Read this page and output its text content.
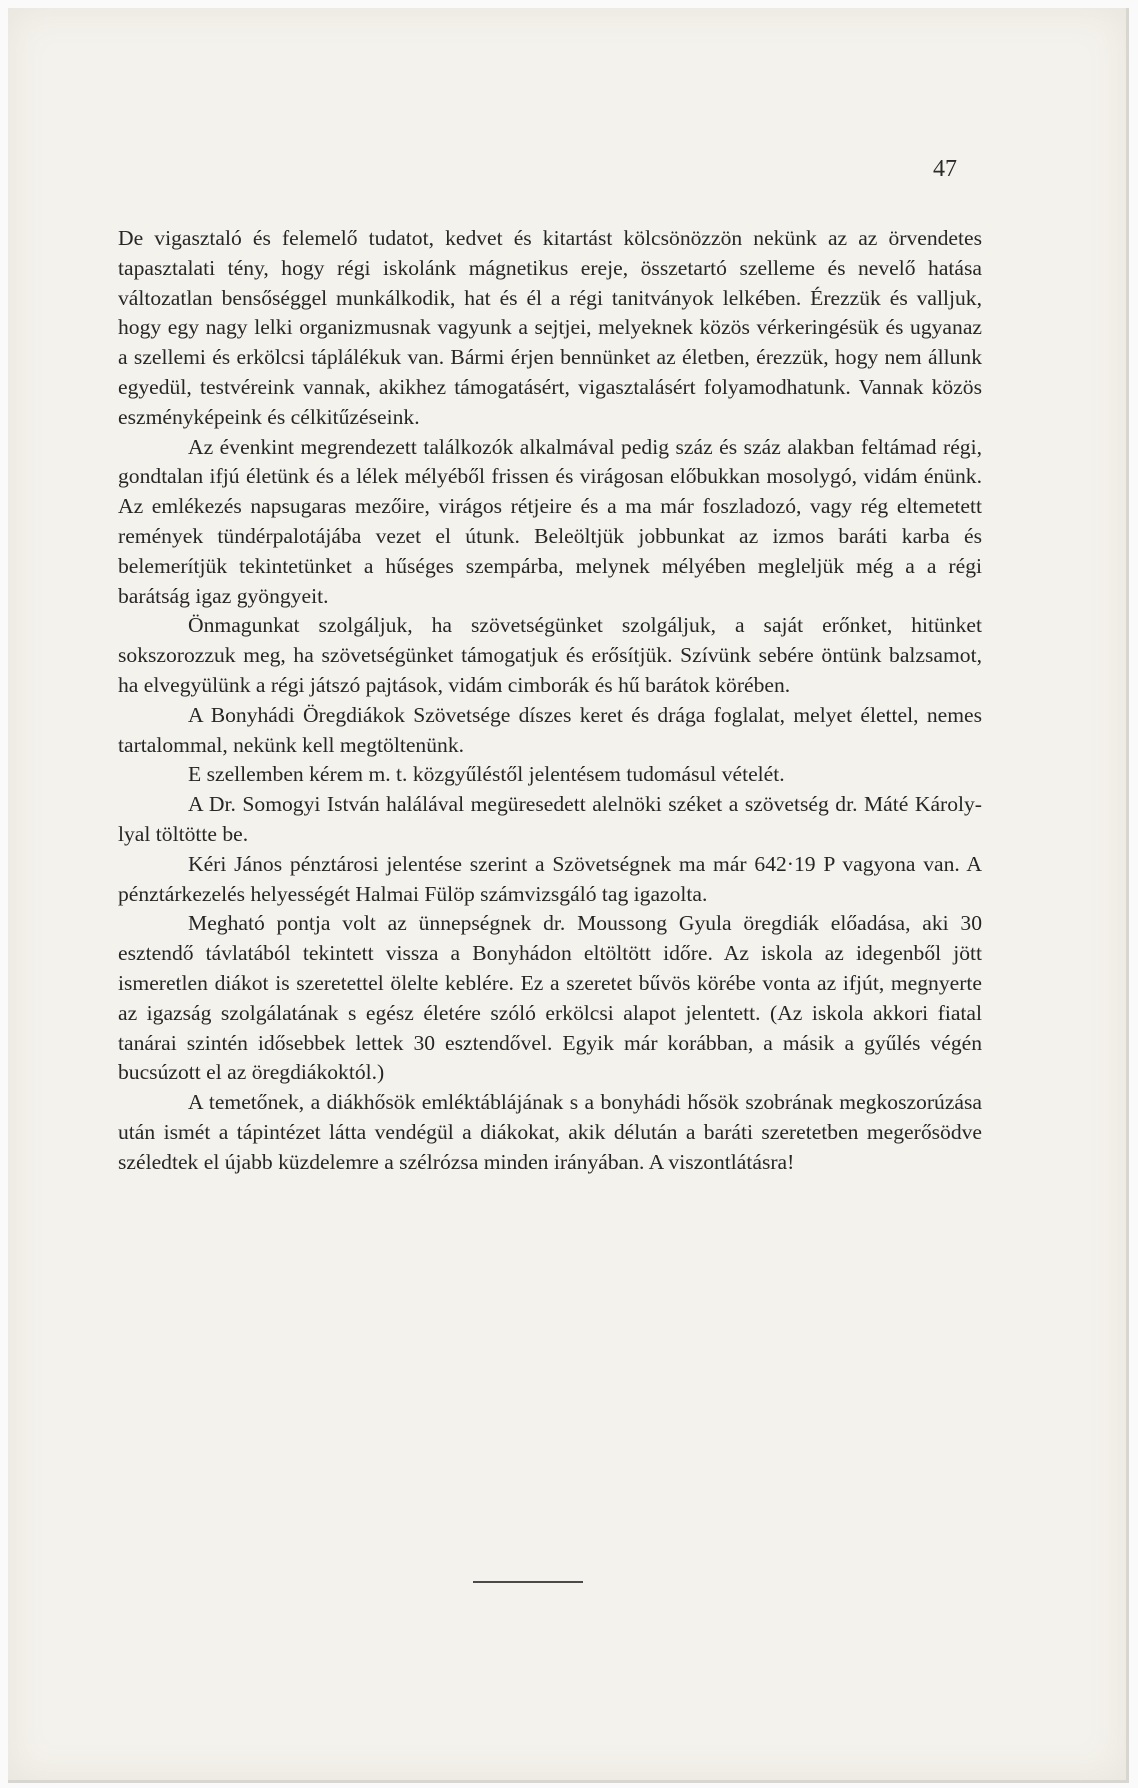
47

De vigasztaló és felemelő tudatot, kedvet és kitartást kölcsönözzön nekünk az az örvendetes tapasztalati tény, hogy régi iskolánk mágnetikus ereje, összetartó szelleme és nevelő hatása változatlan bensőséggel munkálkodik, hat és él a régi tanitványok lelkében. Érezzük és valljuk, hogy egy nagy lelki organizmusnak vagyunk a sejtjei, melyeknek közös vérkeringésük és ugyanaz a szellemi és erkölcsi táplálékuk van. Bármi érjen bennünket az életben, érezzük, hogy nem állunk egyedül, testvéreink vannak, akikhez támogatásért, vigasztalásért folyamodhatunk. Vannak közös eszményképeink és célkitűzéseink.

Az évenkint megrendezett találkozók alkalmával pedig száz és száz alakban feltámad régi, gondtalan ifjú életünk és a lélek mélyéből frissen és virágosan előbukkan mosolygó, vidám énünk. Az emlékezés napsugaras mezőire, virágos rétjeire és a ma már foszladozó, vagy rég eltemetett remények tündérpalotájába vezet el útunk. Beleöltjük jobbunkat az izmos baráti karba és belemerítjük tekintetünket a hűséges szempárba, melynek mélyében megleljük még a a régi barátság igaz gyöngyeit.

Önmagunkat szolgáljuk, ha szövetségünket szolgáljuk, a saját erőnket, hitünket sokszorozzuk meg, ha szövetségünket támogatjuk és erősítjük. Szívünk sebére öntünk balzsamot, ha elvegyülünk a régi játszó pajtások, vidám cimborák és hű barátok körében.

A Bonyhádi Öregdiákok Szövetsége díszes keret és drága foglalat, melyet élettel, nemes tartalommal, nekünk kell megtöltenünk.

E szellemben kérem m. t. közgyűléstől jelentésem tudomásul vételét.

A Dr. Somogyi István halálával megüresedett alelnöki széket a szövetség dr. Máté Károly-lyal töltötte be.

Kéri János pénztárosi jelentése szerint a Szövetségnek ma már 642·19 P vagyona van. A pénztárkezelés helyességét Halmai Fülöp számvizsgáló tag igazolta.

Megható pontja volt az ünnepségnek dr. Moussong Gyula öregdiák előadása, aki 30 esztendő távlatából tekintett vissza a Bonyhádon eltöltött időre. Az iskola az idegenből jött ismeretlen diákot is szeretettel ölelte keblére. Ez a szeretet bűvös körébe vonta az ifjút, megnyerte az igazság szolgálatának s egész életére szóló erkölcsi alapot jelentett. (Az iskola akkori fiatal tanárai szintén idősebbek lettek 30 esztendővel. Egyik már korábban, a másik a gyűlés végén bucsúzott el az öregdiákoktól.)

A temetőnek, a diákhősök emléktáblájának s a bonyhádi hősök szobrának megkoszorúzása után ismét a tápintézet látta vendégül a diákokat, akik délután a baráti szeretetben megerősödve széledtek el újabb küzdelemre a szélrózsa minden irányában. A viszontlátásra!
